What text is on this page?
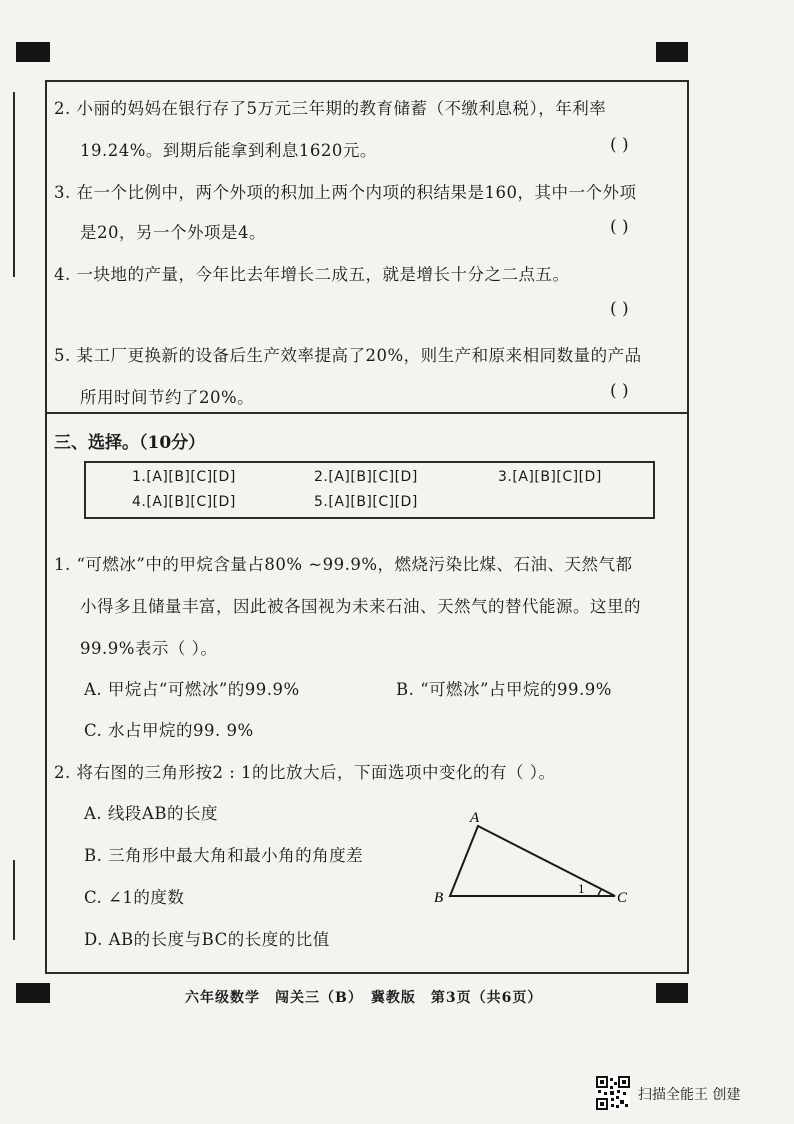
2. 小丽的妈妈在银行存了5万元三年期的教育储蓄（不缴利息税），年利率
19.24%。到期后能拿到利息1620元。	( )
3. 在一个比例中，两个外项的积加上两个内项的积结果是160，其中一个外项
是20，另一个外项是4。	( )
4. 一块地的产量，今年比去年增长二成五，就是增长十分之二点五。
( )
5. 某工厂更换新的设备后生产效率提高了20%，则生产和原来相同数量的产品
所用时间节约了20%。	( )
三、选择。（10分）
1.[A][B][C][D]	2.[A][B][C][D]	3.[A][B][C][D]
4.[A][B][C][D]	5.[A][B][C][D]
1. “可燃冰”中的甲烷含量占80% ~99.9%，燃烧污染比煤、石油、天然气都
小得多且储量丰富，因此被各国视为未来石油、天然气的替代能源。这里的
99.9%表示（ ）。
A. 甲烷占“可燃冰”的99.9%	B. “可燃冰”占甲烷的99.9%
C. 水占甲烷的99. 9%
2. 将右图的三角形按2 : 1的比放大后，下面选项中变化的有（ ）。
A. 线段AB的长度
B. 三角形中最大角和最小角的角度差
C. ∠1的度数
D. AB的长度与BC的长度的比值
A
B	C
1
六年级数学　闯关三（B）　冀教版　第3页（共6页）
扫描全能王 创建
